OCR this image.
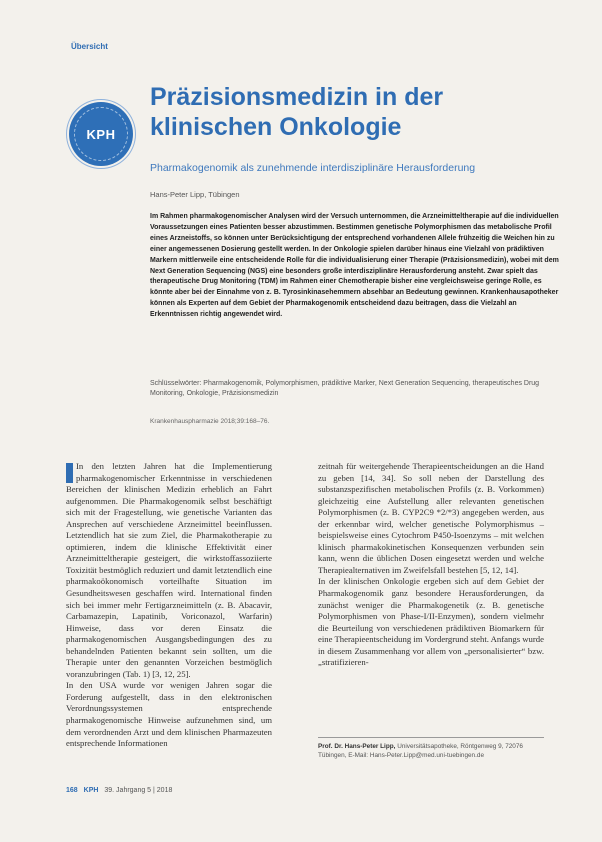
Übersicht
KPH
Präzisionsmedizin in der klinischen Onkologie

Pharmakogenomik als zunehmende interdisziplinäre Herausforderung

Hans-Peter Lipp, Tübingen

Im Rahmen pharmakogenomischer Analysen wird der Versuch unternommen, die Arzneimitteltherapie auf die individuellen Voraussetzungen eines Patienten besser abzustimmen. Bestimmen genetische Polymorphismen das metabolische Profil eines Arzneistoffs, so können unter Berücksichtigung der entsprechend vorhandenen Allele frühzeitig die Weichen hin zu einer angemessenen Dosierung gestellt werden. In der Onkologie spielen darüber hinaus eine Vielzahl von prädiktiven Markern mittlerweile eine entscheidende Rolle für die individualisierung einer Therapie (Präzisionsmedizin), wobei mit dem Next Generation Sequencing (NGS) eine besonders große interdisziplinäre Herausforderung ansteht. Zwar spielt das therapeutische Drug Monitoring (TDM) im Rahmen einer Chemotherapie bisher eine vergleichsweise geringe Rolle, es könnte aber bei der Einnahme von z. B. Tyrosinkinasehemmern absehbar an Bedeutung gewinnen. Krankenhausapotheker können als Experten auf dem Gebiet der Pharmakogenomik entscheidend dazu beitragen, dass die Vielzahl an Erkenntnissen richtig angewendet wird.

Schlüsselwörter: Pharmakogenomik, Polymorphismen, prädiktive Marker, Next Generation Sequencing, therapeutisches Drug Monitoring, Onkologie, Präzisionsmedizin

Krankenhauspharmazie 2018;39:168–76.

In den letzten Jahren hat die Implementierung pharmakogenomischer Erkenntnisse in verschiedenen Bereichen der klinischen Medizin erheblich an Fahrt aufgenommen. Die Pharmakogenomik selbst beschäftigt sich mit der Fragestellung, wie genetische Varianten das Ansprechen auf verschiedene Arzneimittel beeinflussen. Letztendlich hat sie zum Ziel, die Pharmakotherapie zu optimieren, indem die klinische Effektivität einer Arzneimitteltherapie gesteigert, die wirkstoffassoziierte Toxizität bestmöglich reduziert und damit letztendlich eine pharmakoökonomisch vorteilhafte Situation im Gesundheitswesen geschaffen wird. International finden sich bei immer mehr Fertigarzneimitteln (z. B. Abacavir, Carbamazepin, Lapatinib, Voriconazol, Warfarin) Hinweise, dass vor deren Einsatz die pharmakogenomischen Ausgangsbedingungen des zu behandelnden Patienten bekannt sein sollten, um die Therapie unter den genannten Vorzeichen bestmöglich voranzubringen (Tab. 1) [3, 12, 25].

In den USA wurde vor wenigen Jahren sogar die Forderung aufgestellt, dass in den elektronischen Verordnungssystemen entsprechende pharmakogenomische Hinweise aufzunehmen sind, um dem verordnenden Arzt und dem klinischen Pharmazeuten entsprechende Informationen

zeitnah für weitergehende Therapieentscheidungen an die Hand zu geben [14, 34]. So soll neben der Darstellung des substanzspezifischen metabolischen Profils (z. B. Vorkommen) gleichzeitig eine Aufstellung aller relevanten genetischen Polymorphismen (z. B. CYP2C9 *2/*3) angegeben werden, aus der erkennbar wird, welcher genetische Polymorphismus – beispielsweise eines Cytochrom P450-Isoenzyms – mit welchen klinisch pharmakokinetischen Konsequenzen verbunden sein kann, wenn die üblichen Dosen eingesetzt werden und welche Therapiealternativen im Zweifelsfall bestehen [5, 12, 14].

In der klinischen Onkologie ergeben sich auf dem Gebiet der Pharmakogenomik ganz besondere Herausforderungen, da zunächst weniger die Pharmakogenetik (z. B. genetische Polymorphismen von Phase-I/II-Enzymen), sondern vielmehr die Beurteilung von verschiedenen prädiktiven Biomarkern für eine Therapieentscheidung im Vordergrund steht. Anfangs wurde in diesem Zusammenhang vor allem von „personalisierter“ bzw. „stratifizieren-

Prof. Dr. Hans-Peter Lipp, Universitätsapotheke, Röntgenweg 9, 72076 Tübingen, E-Mail: Hans-Peter.Lipp@med.uni-tuebingen.de
168 KPH 39. Jahrgang 5 | 2018
